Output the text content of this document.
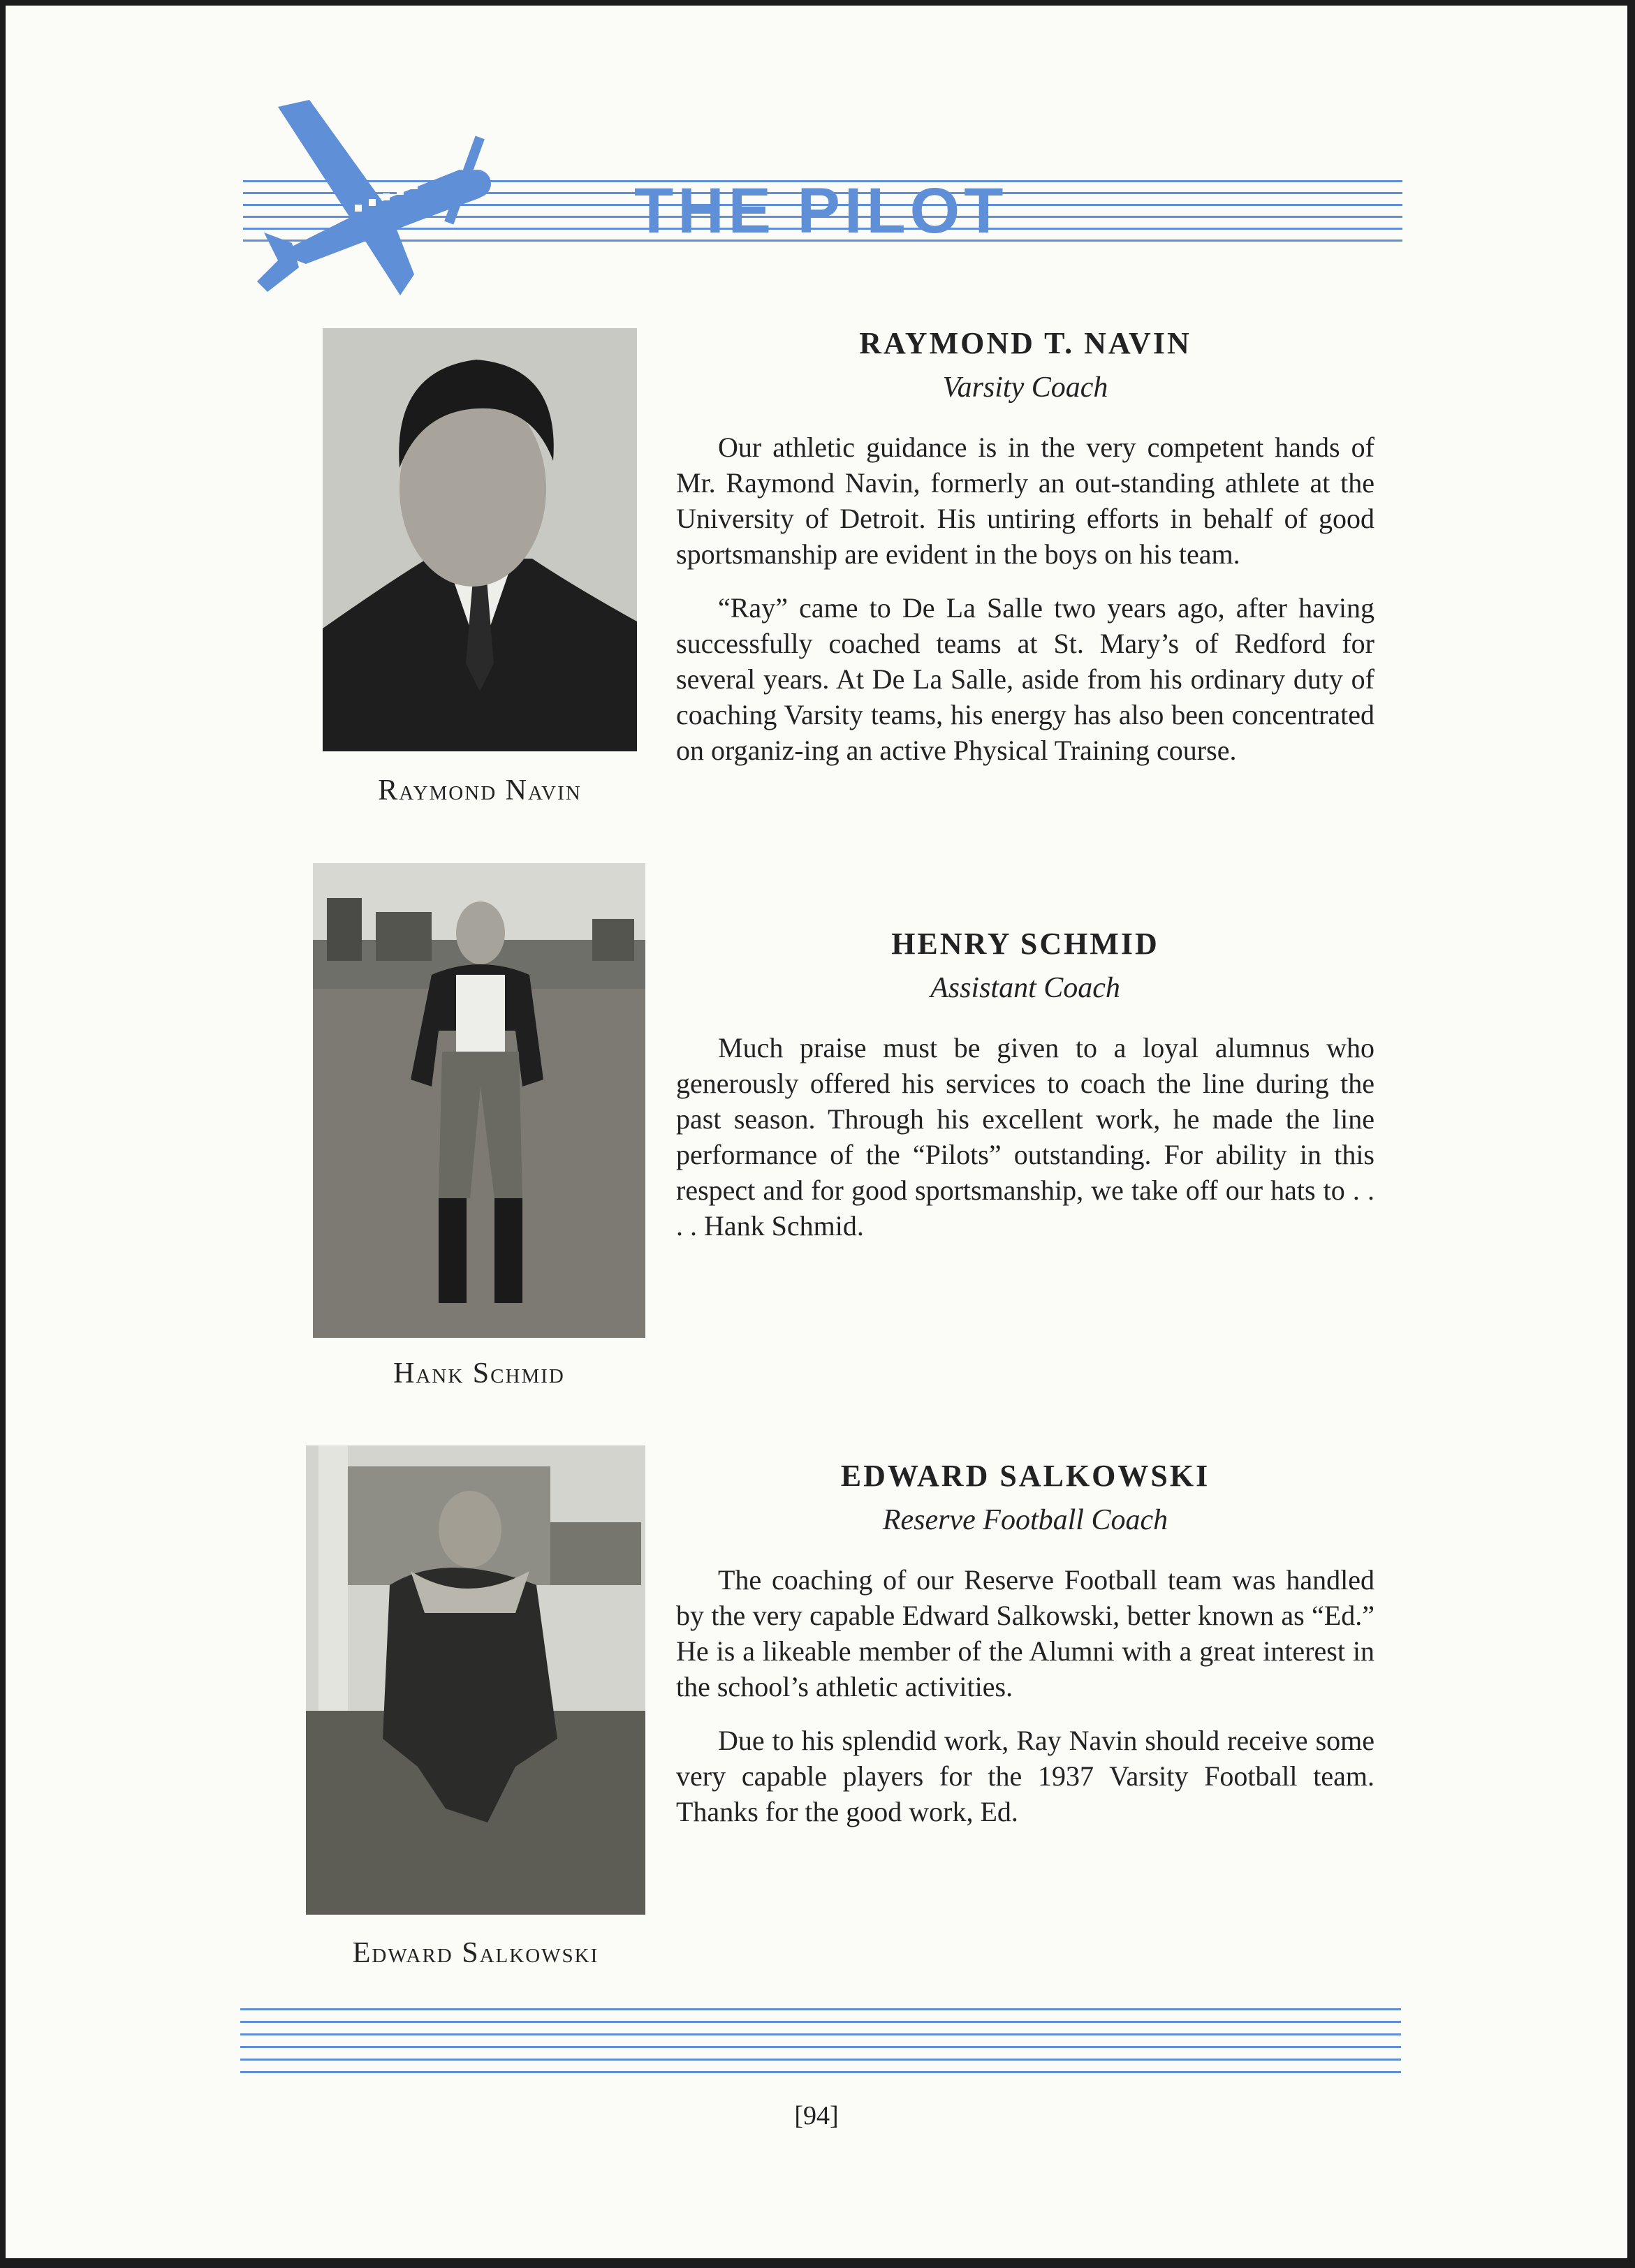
THE PILOT
Raymond Navin
RAYMOND T. NAVIN
Varsity Coach

Our athletic guidance is in the very competent hands of Mr. Raymond Navin, formerly an out-standing athlete at the University of Detroit. His untiring efforts in behalf of good sportsmanship are evident in the boys on his team.

“Ray” came to De La Salle two years ago, after having successfully coached teams at St. Mary’s of Redford for several years. At De La Salle, aside from his ordinary duty of coaching Varsity teams, his energy has also been concentrated on organiz-ing an active Physical Training course.

Hank Schmid
HENRY SCHMID
Assistant Coach

Much praise must be given to a loyal alumnus who generously offered his services to coach the line during the past season. Through his excellent work, he made the line performance of the “Pilots” outstanding. For ability in this respect and for good sportsmanship, we take off our hats to . . . . Hank Schmid.

Edward Salkowski
EDWARD SALKOWSKI
Reserve Football Coach

The coaching of our Reserve Football team was handled by the very capable Edward Salkowski, better known as “Ed.” He is a likeable member of the Alumni with a great interest in the school’s athletic activities.

Due to his splendid work, Ray Navin should receive some very capable players for the 1937 Varsity Football team. Thanks for the good work, Ed.

[94]
